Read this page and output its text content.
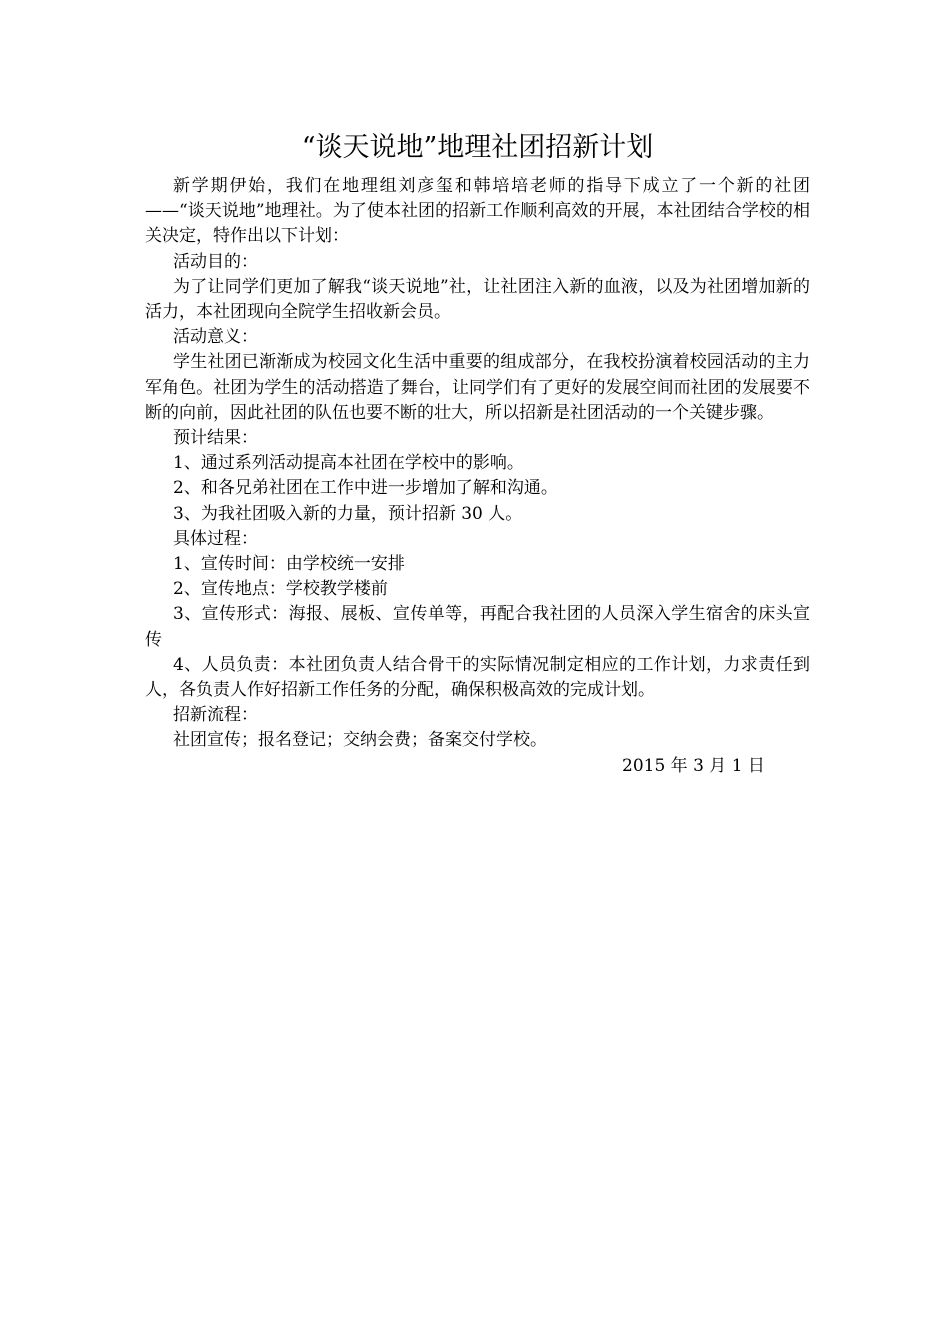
“谈天说地”地理社团招新计划

新学期伊始，我们在地理组刘彦玺和韩培培老师的指导下成立了一个新的社团——“谈天说地”地理社。为了使本社团的招新工作顺利高效的开展，本社团结合学校的相关决定，特作出以下计划：

活动目的：

为了让同学们更加了解我“谈天说地”社，让社团注入新的血液，以及为社团增加新的活力，本社团现向全院学生招收新会员。

活动意义：

学生社团已渐渐成为校园文化生活中重要的组成部分，在我校扮演着校园活动的主力军角色。社团为学生的活动搭造了舞台，让同学们有了更好的发展空间而社团的发展要不断的向前，因此社团的队伍也要不断的壮大，所以招新是社团活动的一个关键步骤。

预计结果：

1、通过系列活动提高本社团在学校中的影响。

2、和各兄弟社团在工作中进一步增加了解和沟通。

3、为我社团吸入新的力量，预计招新 30 人。

具体过程：

1、宣传时间：由学校统一安排

2、宣传地点：学校教学楼前

3、宣传形式：海报、展板、宣传单等，再配合我社团的人员深入学生宿舍的床头宣传

4、人员负责：本社团负责人结合骨干的实际情况制定相应的工作计划，力求责任到人，各负责人作好招新工作任务的分配，确保积极高效的完成计划。

招新流程：

社团宣传；报名登记；交纳会费；备案交付学校。

2015 年 3 月 1 日
